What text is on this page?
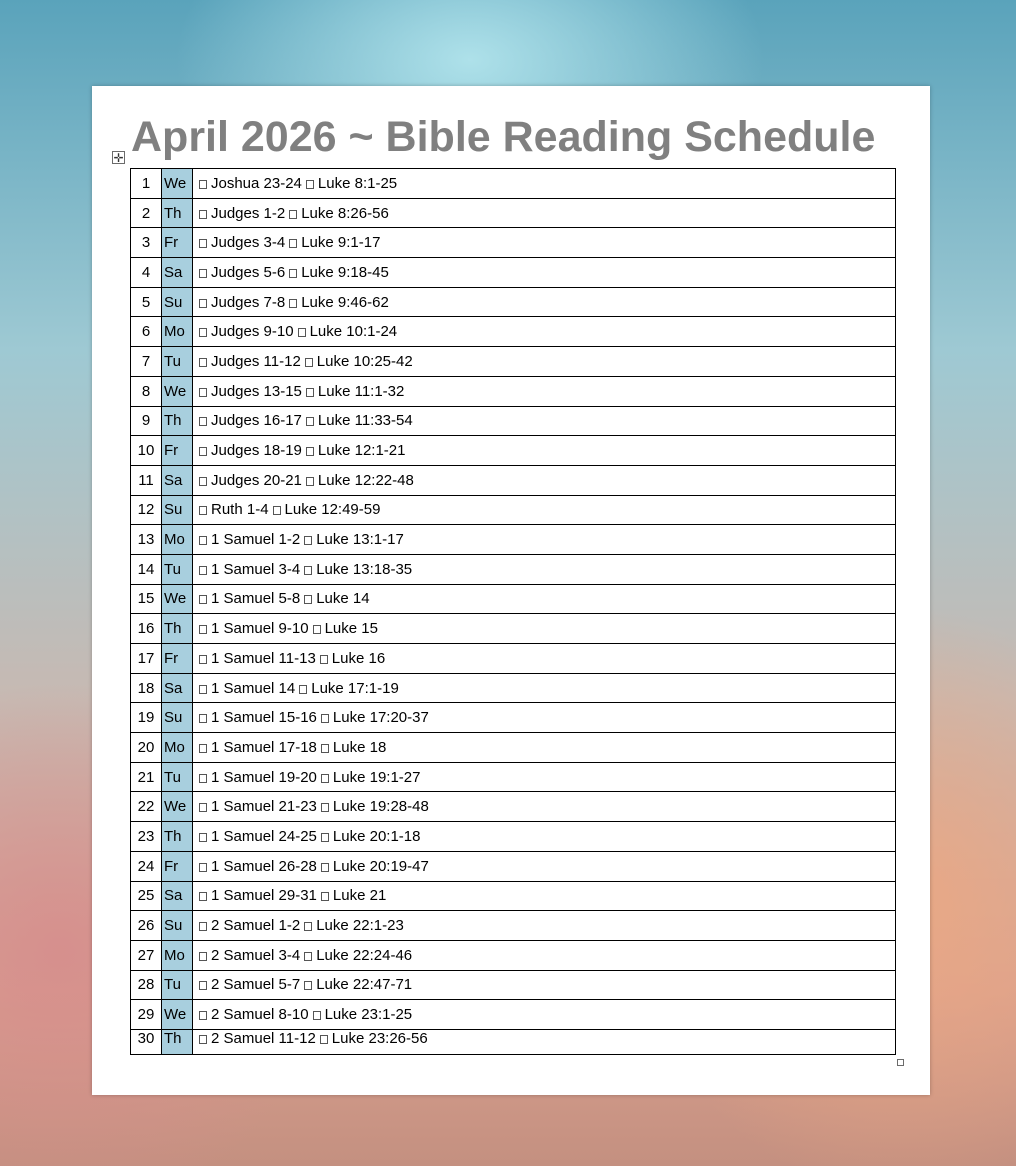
April 2026 ~ Bible Reading Schedule
✛
1	We	Joshua 23-24 Luke 8:1-25
2	Th	Judges 1-2 Luke 8:26-56
3	Fr	Judges 3-4 Luke 9:1-17
4	Sa	Judges 5-6 Luke 9:18-45
5	Su	Judges 7-8 Luke 9:46-62
6	Mo	Judges 9-10 Luke 10:1-24
7	Tu	Judges 11-12 Luke 10:25-42
8	We	Judges 13-15 Luke 11:1-32
9	Th	Judges 16-17 Luke 11:33-54
10	Fr	Judges 18-19 Luke 12:1-21
11	Sa	Judges 20-21 Luke 12:22-48
12	Su	Ruth 1-4 Luke 12:49-59
13	Mo	1 Samuel 1-2 Luke 13:1-17
14	Tu	1 Samuel 3-4 Luke 13:18-35
15	We	1 Samuel 5-8 Luke 14
16	Th	1 Samuel 9-10 Luke 15
17	Fr	1 Samuel 11-13 Luke 16
18	Sa	1 Samuel 14 Luke 17:1-19
19	Su	1 Samuel 15-16 Luke 17:20-37
20	Mo	1 Samuel 17-18 Luke 18
21	Tu	1 Samuel 19-20 Luke 19:1-27
22	We	1 Samuel 21-23 Luke 19:28-48
23	Th	1 Samuel 24-25 Luke 20:1-18
24	Fr	1 Samuel 26-28 Luke 20:19-47
25	Sa	1 Samuel 29-31 Luke 21
26	Su	2 Samuel 1-2 Luke 22:1-23
27	Mo	2 Samuel 3-4 Luke 22:24-46
28	Tu	2 Samuel 5-7 Luke 22:47-71
29	We	2 Samuel 8-10 Luke 23:1-25
30	Th	2 Samuel 11-12 Luke 23:26-56
